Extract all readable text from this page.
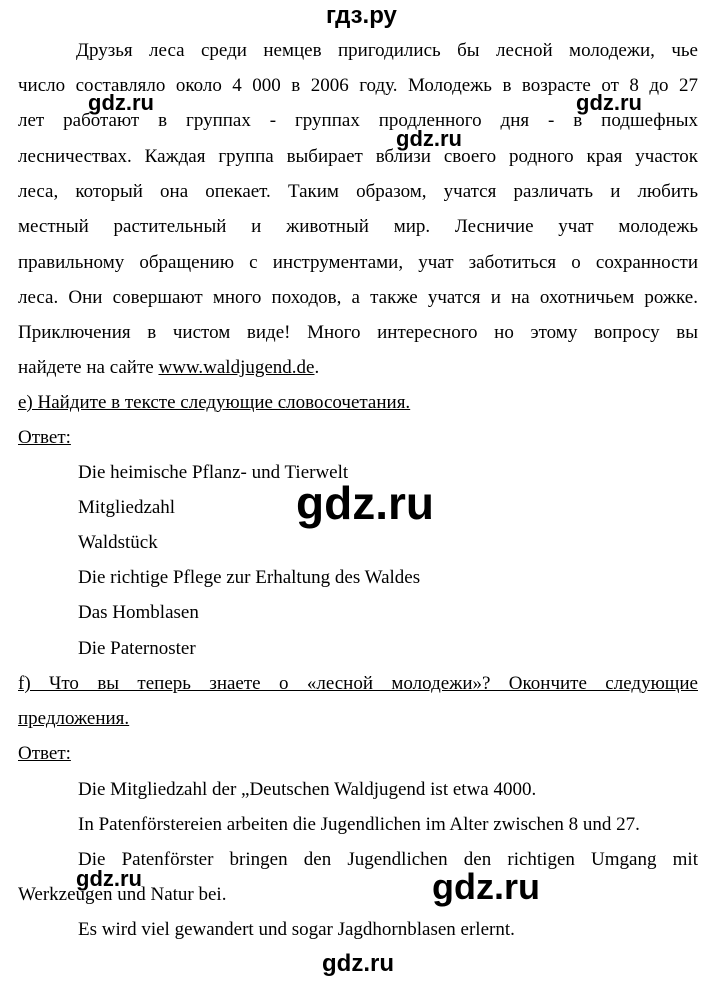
гдз.ру
gdz.ru	gdz.ru
gdz.ru
Друзья леса среди немцев пригодились бы лесной молодежи, чье
число составляло около 4 000 в 2006 году. Молодежь в возрасте от 8 до 27
лет работают в группах - группах продленного дня - в подшефных
лесничествах. Каждая группа выбирает вблизи своего родного края участок
леса, который она опекает. Таким образом, учатся различать и любить
местный растительный и животный мир. Лесничие учат молодежь
правильному обращению с инструментами, учат заботиться о сохранности
леса. Они совершают много походов, а также учатся и на охотничьем рожке.
Приключения в чистом виде! Много интересного но этому вопросу вы
найдете на сайте www.waldjugend.de.
e) Найдите в тексте следующие словосочетания.
Ответ:
Die heimische Pflanz- und Tierwelt
Mitgliedzahl
Waldstück
Die richtige Pflege zur Erhaltung des Waldes
Das Homblasen
Die Paternoster
gdz.ru
f) Что вы теперь знаете о «лесной молодежи»? Окончите следующие
предложения.
Ответ:
Die Mitgliedzahl der „Deutschen Waldjugend ist etwa 4000.
In Patenförstereien arbeiten die Jugendlichen im Alter zwischen 8 und 27.
Die Patenförster bringen den Jugendlichen den richtigen Umgang mit
Werkzeugen und Natur bei.
Es wird viel gewandert und sogar Jagdhornblasen erlernt.
gdz.ru	gdz.ru
gdz.ru
